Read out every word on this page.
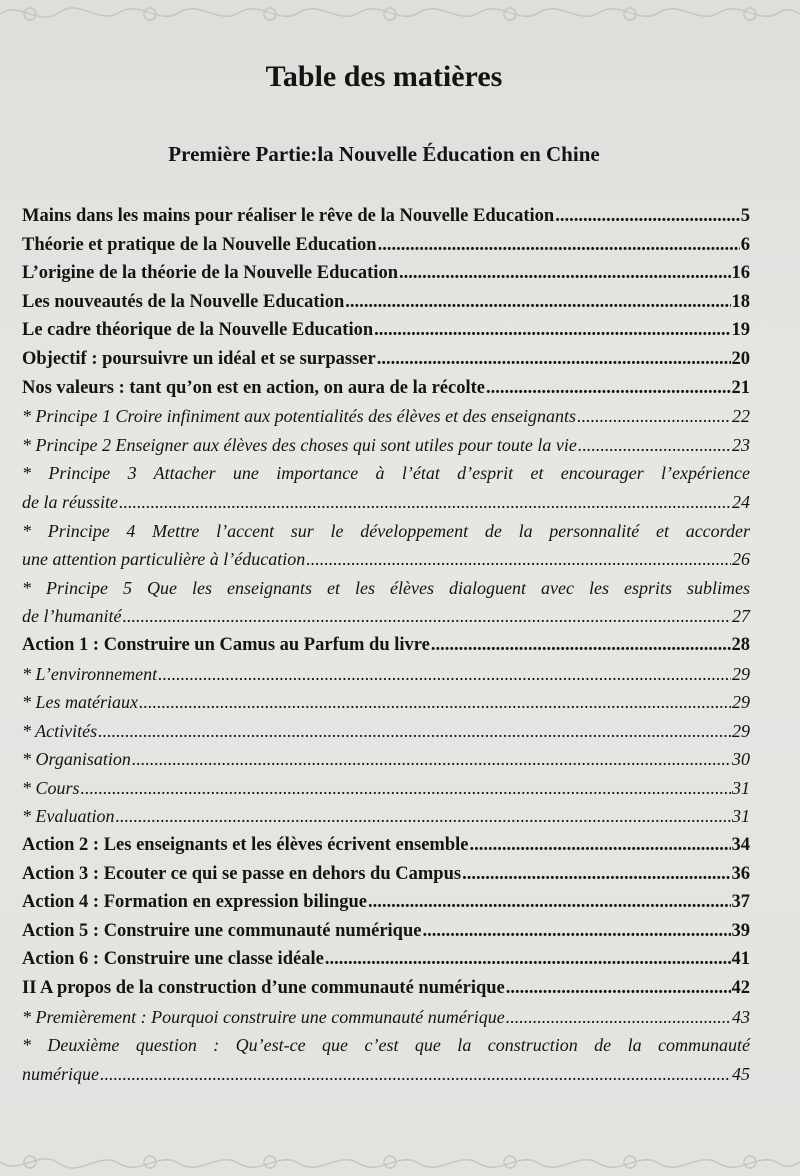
Table des matières
Première Partie:la Nouvelle Éducation en Chine
Mains dans les mains pour réaliser le rêve de la Nouvelle Education .....	5
Théorie et pratique de la Nouvelle Education .....	6
L’origine de la théorie de la Nouvelle Education .....	16
Les nouveautés de la Nouvelle Education .....	18
Le cadre théorique de la Nouvelle Education .....	19
Objectif : poursuivre un idéal et se surpasser .....	20
Nos valeurs : tant qu’on est en action, on aura de la récolte .....	21
* Principe 1 Croire infiniment aux potentialités des élèves et des enseignants .....	22
* Principe 2 Enseigner aux élèves des choses qui sont utiles pour toute la vie .....	23
* Principe 3 Attacher une importance à l’état d’esprit et encourager l’expérience
de la réussite .....	24
* Principe 4 Mettre l’accent sur le développement de la personnalité et accorder
une attention particulière à l’éducation .....	26
* Principe 5 Que les enseignants et les élèves dialoguent avec les esprits sublimes
de l’humanité .....	27
Action 1 : Construire un Camus au Parfum du livre .....	28
* L’environnement .....	29
* Les matériaux .....	29
* Activités .....	29
* Organisation .....	30
* Cours .....	31
* Evaluation .....	31
Action 2 : Les enseignants et les élèves écrivent ensemble .....	34
Action 3 : Ecouter ce qui se passe en dehors du Campus .....	36
Action 4 : Formation en expression bilingue .....	37
Action 5 : Construire une communauté numérique .....	39
Action 6 : Construire une classe idéale .....	41
II A propos de la construction d’une communauté numérique .....	42
* Premièrement : Pourquoi construire une communauté numérique .....	43
* Deuxième question : Qu’est-ce que c’est que la construction de la communauté
numérique .....	45
